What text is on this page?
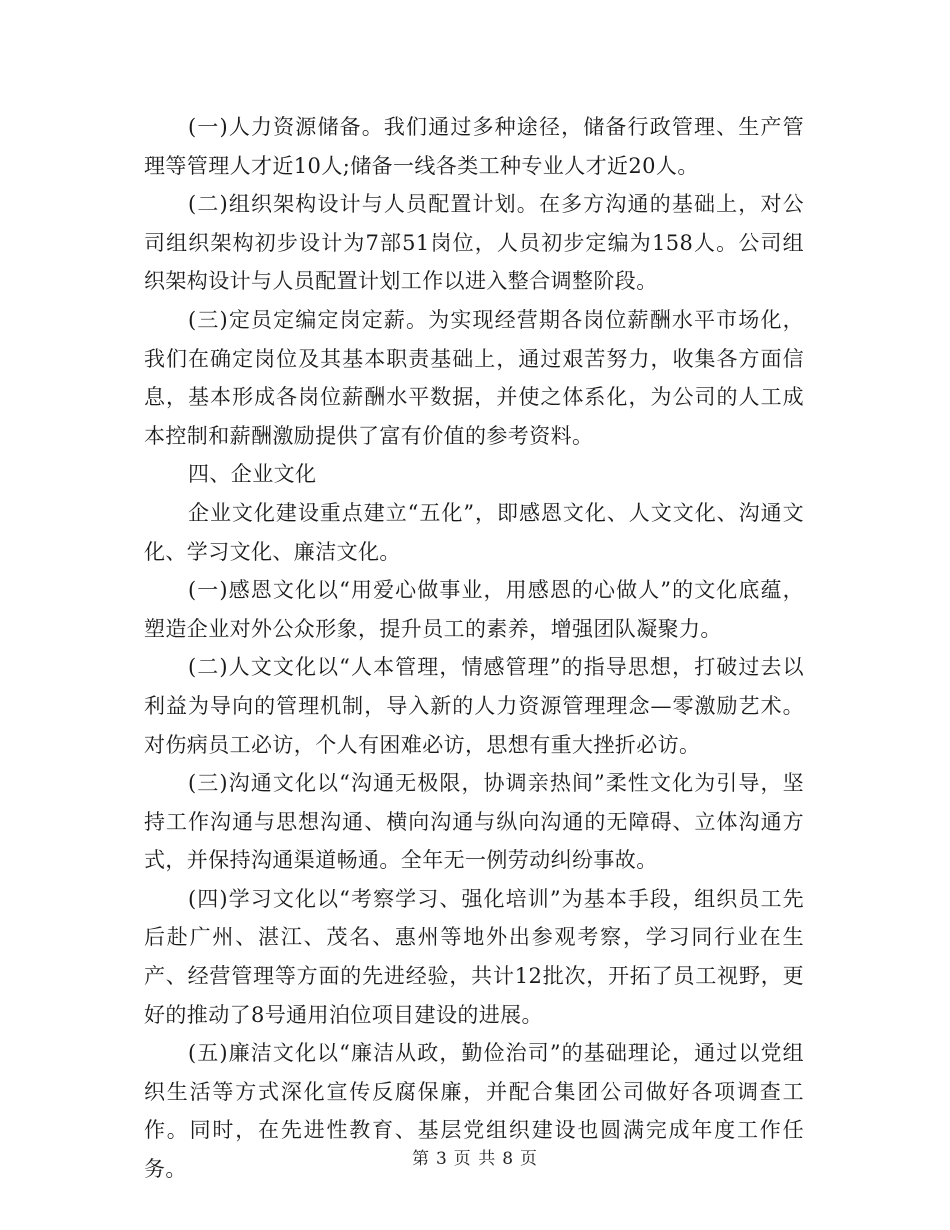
(一)人力资源储备。我们通过多种途径，储备行政管理、生产管理等管理人才近10人;储备一线各类工种专业人才近20人。

(二)组织架构设计与人员配置计划。在多方沟通的基础上，对公司组织架构初步设计为7部51岗位，人员初步定编为158人。公司组织架构设计与人员配置计划工作以进入整合调整阶段。

(三)定员定编定岗定薪。为实现经营期各岗位薪酬水平市场化，我们在确定岗位及其基本职责基础上，通过艰苦努力，收集各方面信息，基本形成各岗位薪酬水平数据，并使之体系化，为公司的人工成本控制和薪酬激励提供了富有价值的参考资料。

四、企业文化

企业文化建设重点建立“五化”，即感恩文化、人文文化、沟通文化、学习文化、廉洁文化。

(一)感恩文化以“用爱心做事业，用感恩的心做人”的文化底蕴，塑造企业对外公众形象，提升员工的素养，增强团队凝聚力。

(二)人文文化以“人本管理，情感管理”的指导思想，打破过去以利益为导向的管理机制，导入新的人力资源管理理念—零激励艺术。对伤病员工必访，个人有困难必访，思想有重大挫折必访。

(三)沟通文化以“沟通无极限，协调亲热间”柔性文化为引导，坚持工作沟通与思想沟通、横向沟通与纵向沟通的无障碍、立体沟通方式，并保持沟通渠道畅通。全年无一例劳动纠纷事故。

(四)学习文化以“考察学习、强化培训”为基本手段，组织员工先后赴广州、湛江、茂名、惠州等地外出参观考察，学习同行业在生产、经营管理等方面的先进经验，共计12批次，开拓了员工视野，更好的推动了8号通用泊位项目建设的进展。

(五)廉洁文化以“廉洁从政，勤俭治司”的基础理论，通过以党组织生活等方式深化宣传反腐保廉，并配合集团公司做好各项调查工作。同时，在先进性教育、基层党组织建设也圆满完成年度工作任务。	第 3 页 共 8 页
